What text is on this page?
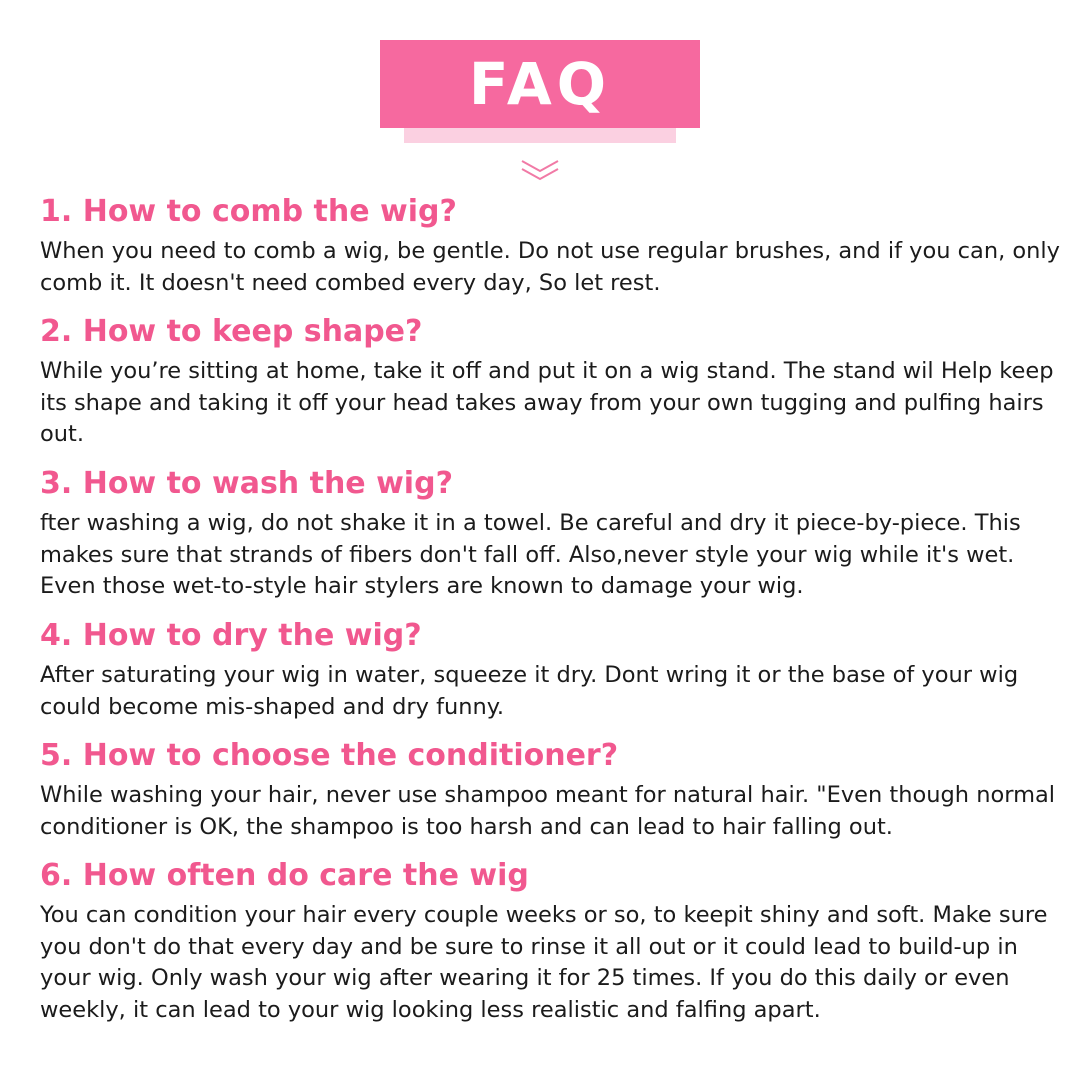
FAQ
1. How to comb the wig?

When you need to comb a wig, be gentle. Do not use regular brushes, and if you can, only comb it. It doesn't need combed every day, So let rest.

2. How to keep shape?

While you’re sitting at home, take it off and put it on a wig stand. The stand wil Help keep its shape and taking it off your head takes away from your own tugging and pulfing hairs out.

3. How to wash the wig?

fter washing a wig, do not shake it in a towel. Be careful and dry it piece-by-piece. This makes sure that strands of fibers don't fall off. Also,never style your wig while it's wet. Even those wet-to-style hair stylers are known to damage your wig.

4. How to dry the wig?

After saturating your wig in water, squeeze it dry. Dont wring it or the base of your wig could become mis-shaped and dry funny.

5. How to choose the conditioner?

While washing your hair, never use shampoo meant for natural hair. "Even though normal conditioner is OK, the shampoo is too harsh and can lead to hair falling out.

6. How often do care the wig

You can condition your hair every couple weeks or so, to keepit shiny and soft. Make sure you don't do that every day and be sure to rinse it all out or it could lead to build-up in your wig. Only wash your wig after wearing it for 25 times. If you do this daily or even weekly, it can lead to your wig looking less realistic and falfing apart.
